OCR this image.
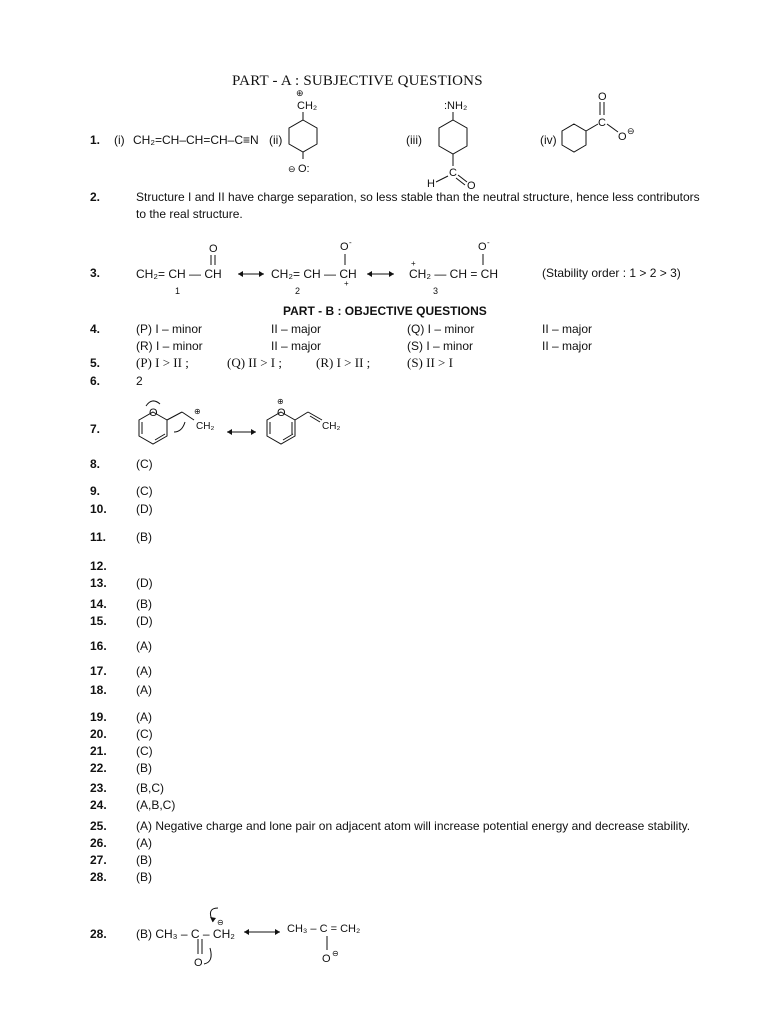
PART - A : SUBJECTIVE QUESTIONS
1. (i) CH₂=CH–CH=CH–C≡N (ii)
⊕
CH₂
⊖ O:
(iii)
:NH₂
C
H	O
(iv)
C
O
O ⊖
2.	Structure I and II have charge separation, so less stable than the neutral structure, hence less contributors
to the real structure.
3.
O
CH₂= CH — CH
1
O -
CH₂= CH — CH
+
2
O -
+
CH₂ — CH = CH
3
(Stability order : 1 > 2 > 3)
PART - B : OBJECTIVE QUESTIONS
4.	(P) I – minor	II – major	(Q) I – minor	II – major
(R) I – minor	II – major	(S) I – minor	II – major
5.	(P) I > II ;	(Q) II > I ;	(R) I > II ;	(S) II > I
6.	2
7.
O	⊕
CH₂
O
⊕
CH₂
8.	(C)
9.	(C)
10. (D)
11. (B)
12.
13. (D)
14. (B)
15. (D)
16. (A)
17. (A)
18. (A)
19. (A)
20. (C)
21. (C)
22. (B)
23. (B,C)
24. (A,B,C)
25. (A) Negative charge and lone pair on adjacent atom will increase potential energy and decrease stability.
26. (A)
27. (B)
28. (B)
28. (B) CH₃ – C – CH₂
⊖
O
CH₃ – C = CH₂
O ⊖
